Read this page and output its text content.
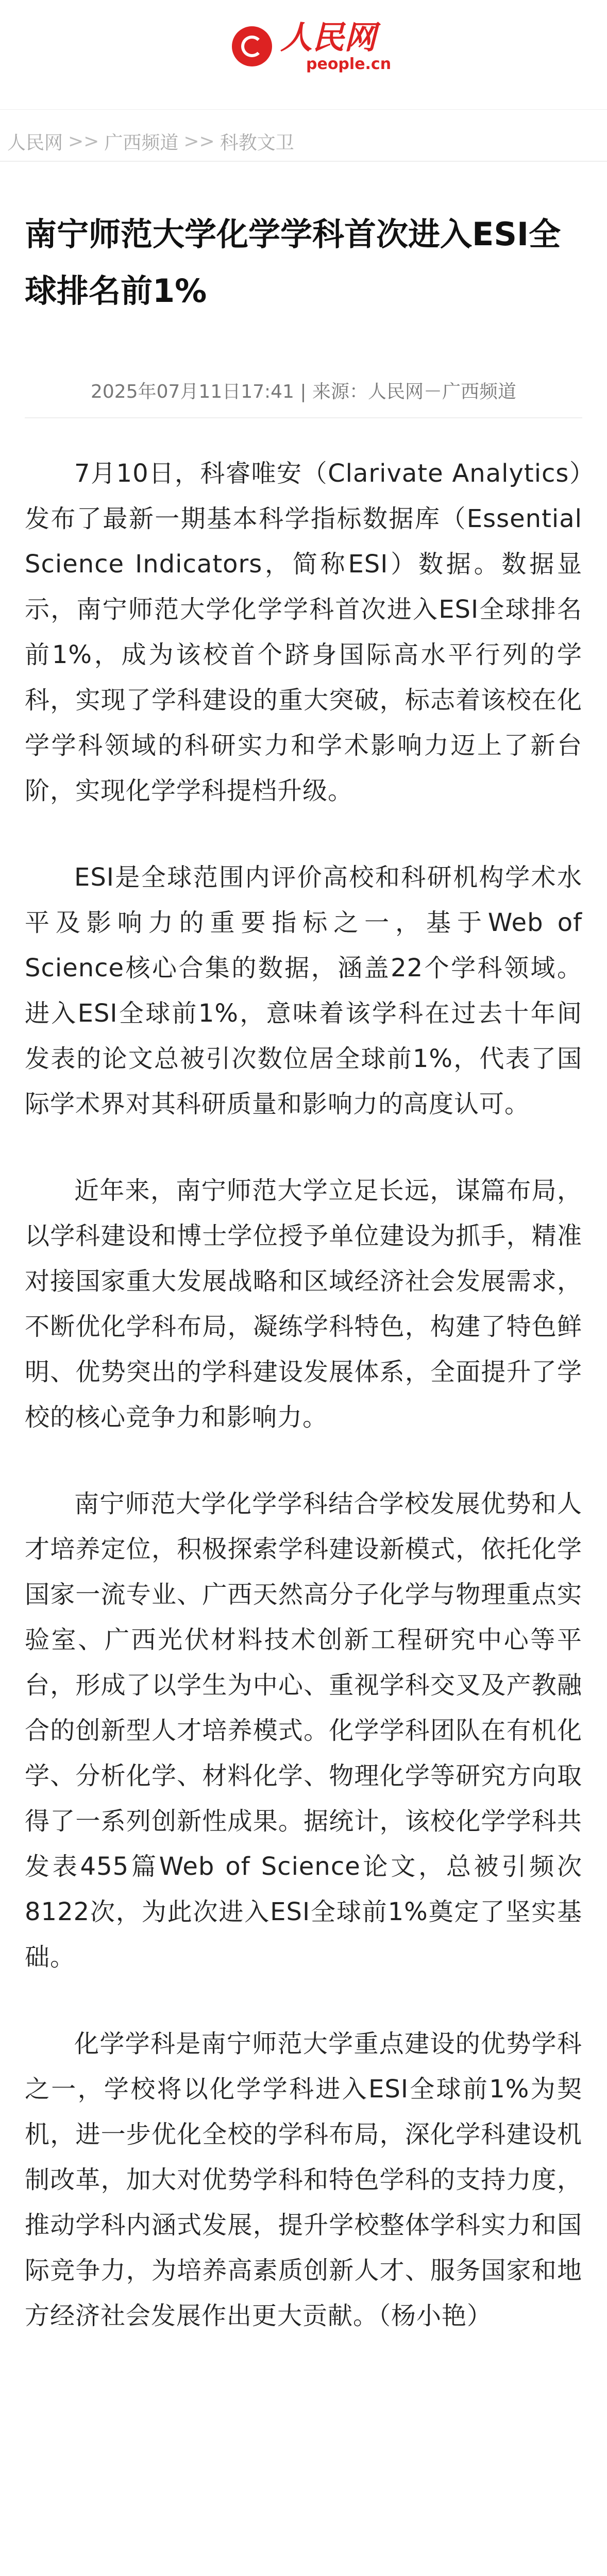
人民网
people.cn
人民网 >> 广西频道 >> 科教文卫
南宁师范大学化学学科首次进入ESI全球排名前1%
2025年07月11日17:41 | 来源：人民网－广西频道

7月10日，科睿唯安（Clarivate Analytics）发布了最新一期基本科学指标数据库（Essential Science Indicators，简称ESI）数据。数据显示，南宁师范大学化学学科首次进入ESI全球排名前1%，成为该校首个跻身国际高水平行列的学科，实现了学科建设的重大突破，标志着该校在化学学科领域的科研实力和学术影响力迈上了新台阶，实现化学学科提档升级。

ESI是全球范围内评价高校和科研机构学术水平及影响力的重要指标之一，基于Web of Science核心合集的数据，涵盖22个学科领域。进入ESI全球前1%，意味着该学科在过去十年间发表的论文总被引次数位居全球前1%，代表了国际学术界对其科研质量和影响力的高度认可。

近年来，南宁师范大学立足长远，谋篇布局，以学科建设和博士学位授予单位建设为抓手，精准对接国家重大发展战略和区域经济社会发展需求，不断优化学科布局，凝练学科特色，构建了特色鲜明、优势突出的学科建设发展体系，全面提升了学校的核心竞争力和影响力。

南宁师范大学化学学科结合学校发展优势和人才培养定位，积极探索学科建设新模式，依托化学国家一流专业、广西天然高分子化学与物理重点实验室、广西光伏材料技术创新工程研究中心等平台，形成了以学生为中心、重视学科交叉及产教融合的创新型人才培养模式。化学学科团队在有机化学、分析化学、材料化学、物理化学等研究方向取得了一系列创新性成果。据统计，该校化学学科共发表455篇Web of Science论文，总被引频次8122次，为此次进入ESI全球前1%奠定了坚实基础。

化学学科是南宁师范大学重点建设的优势学科之一，学校将以化学学科进入ESI全球前1%为契机，进一步优化全校的学科布局，深化学科建设机制改革，加大对优势学科和特色学科的支持力度，推动学科内涵式发展，提升学校整体学科实力和国际竞争力，为培养高素质创新人才、服务国家和地方经济社会发展作出更大贡献。（杨小艳）
